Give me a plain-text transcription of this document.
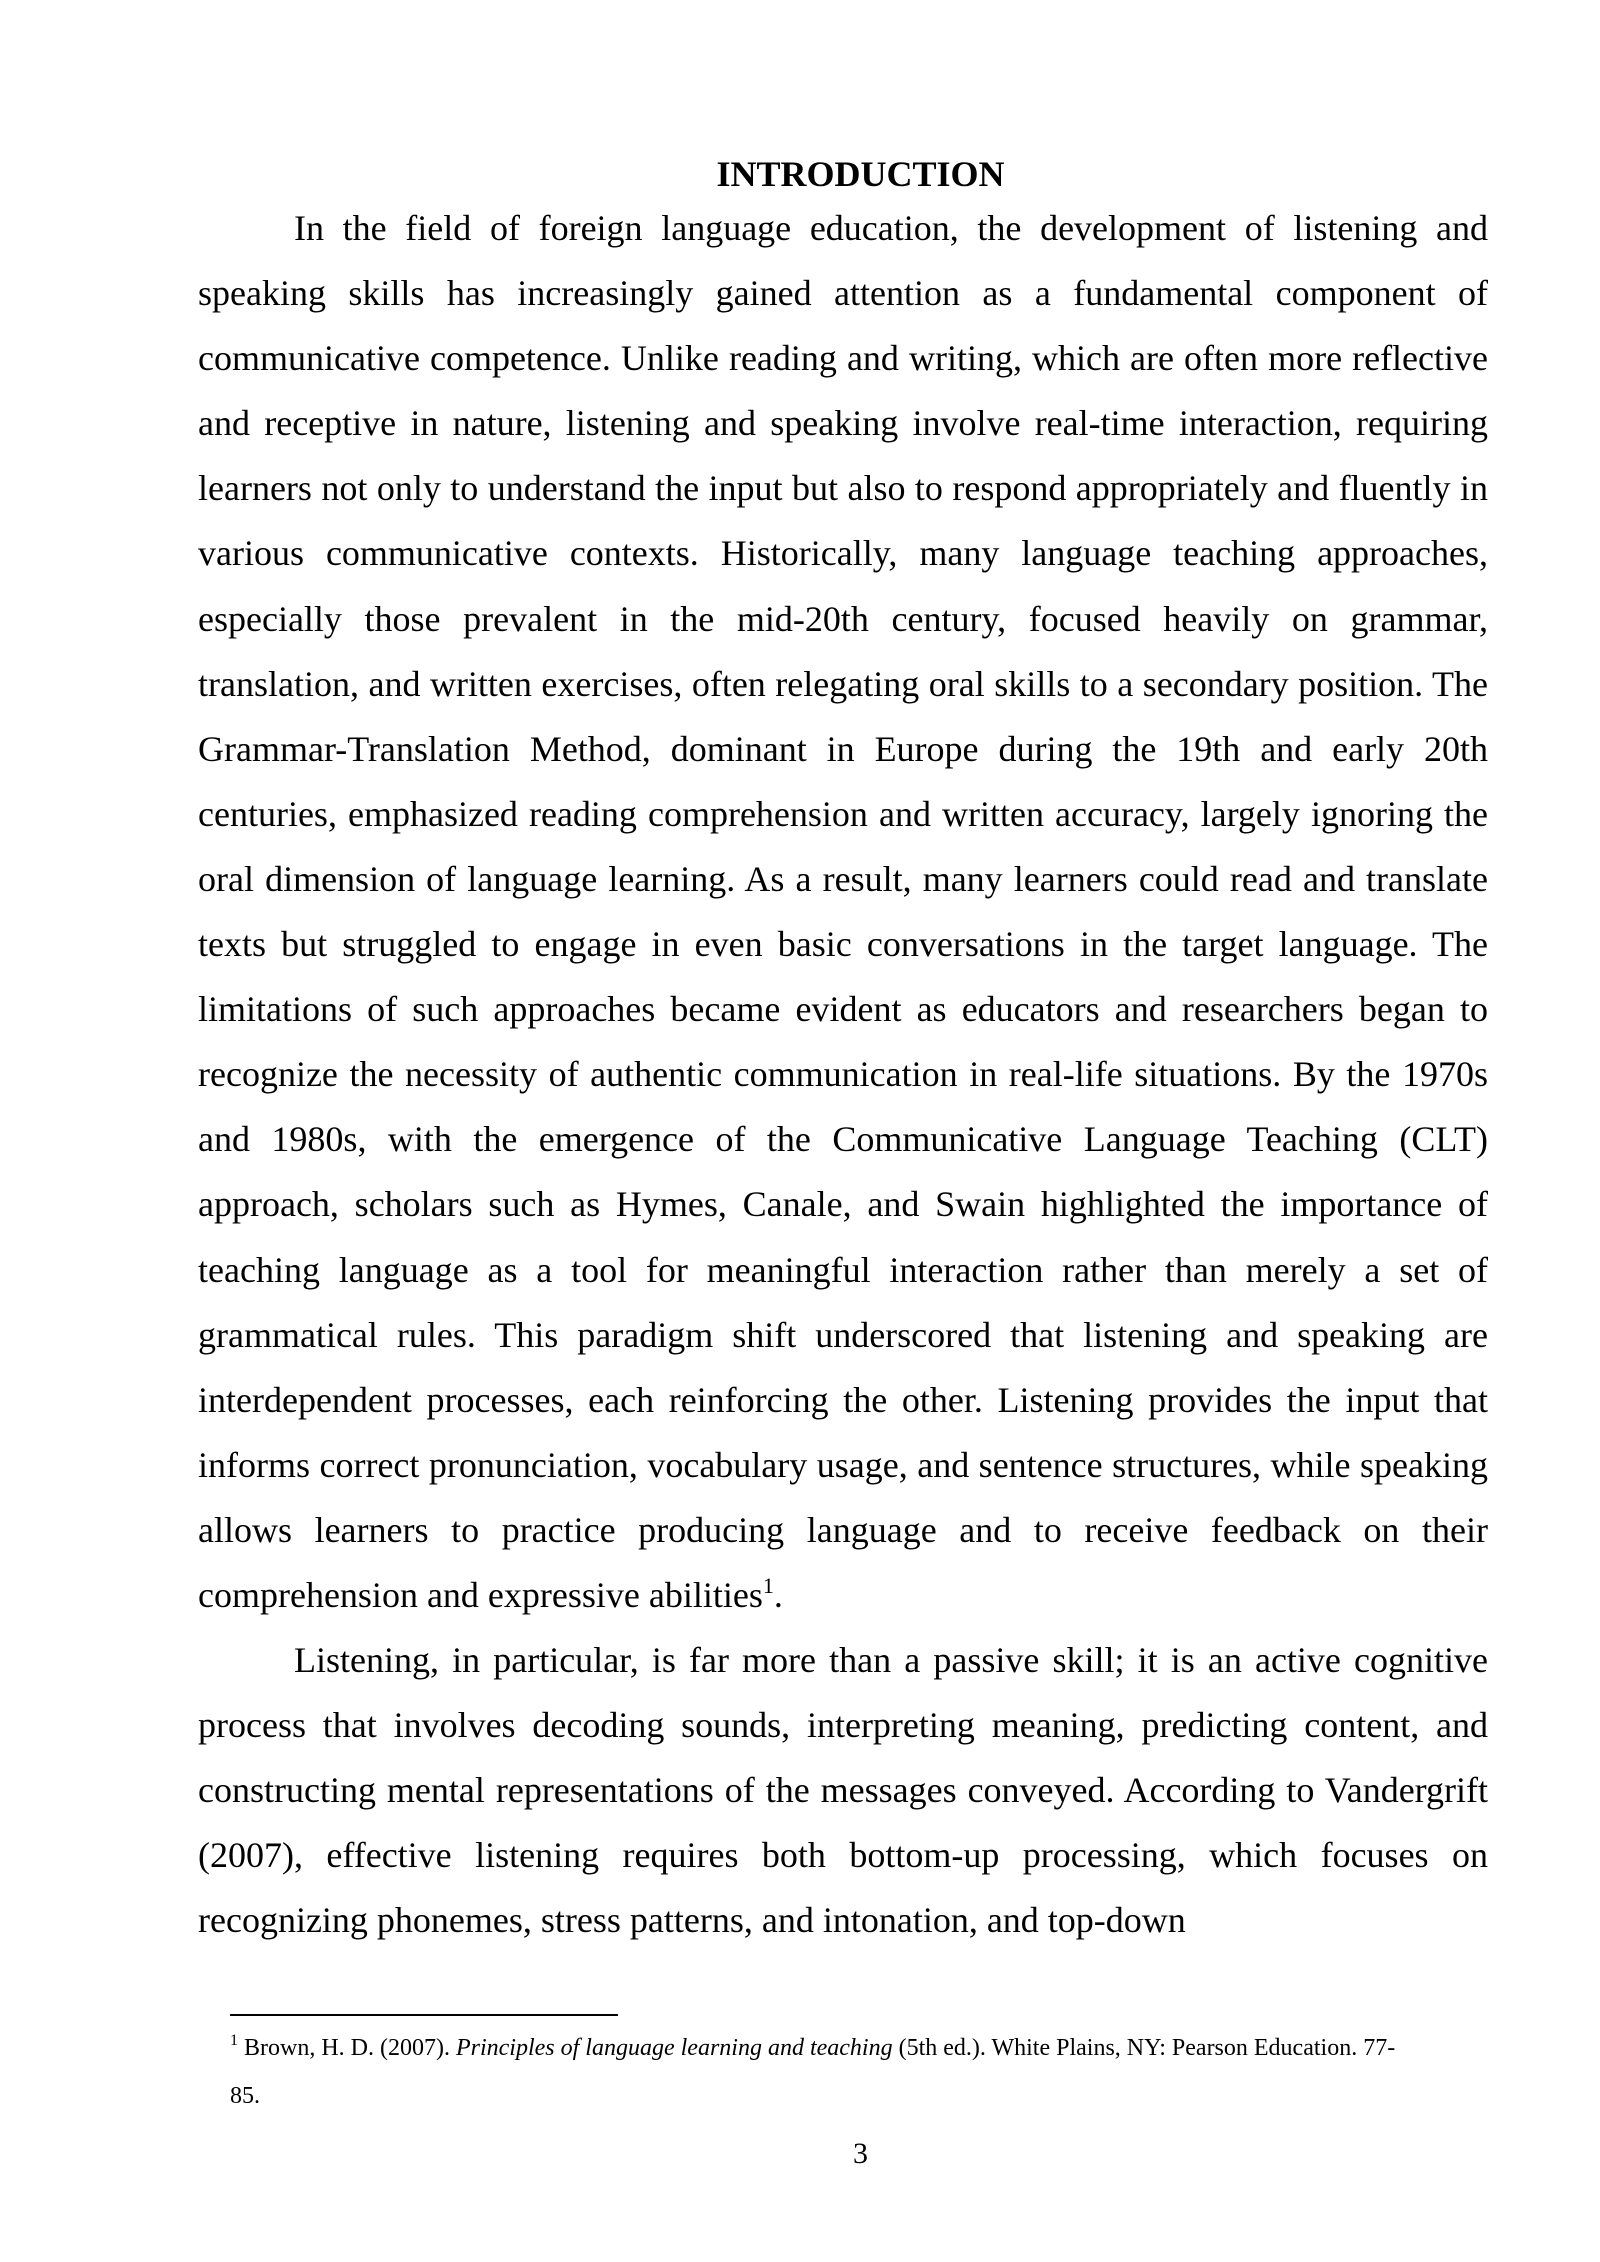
INTRODUCTION

In the field of foreign language education, the development of listening and speaking skills has increasingly gained attention as a fundamental component of communicative competence. Unlike reading and writing, which are often more reflective and receptive in nature, listening and speaking involve real-time interaction, requiring learners not only to understand the input but also to respond appropriately and fluently in various communicative contexts. Historically, many language teaching approaches, especially those prevalent in the mid-20th century, focused heavily on grammar, translation, and written exercises, often relegating oral skills to a secondary position. The Grammar-Translation Method, dominant in Europe during the 19th and early 20th centuries, emphasized reading comprehension and written accuracy, largely ignoring the oral dimension of language learning. As a result, many learners could read and translate texts but struggled to engage in even basic conversations in the target language. The limitations of such approaches became evident as educators and researchers began to recognize the necessity of authentic communication in real-life situations. By the 1970s and 1980s, with the emergence of the Communicative Language Teaching (CLT) approach, scholars such as Hymes, Canale, and Swain highlighted the importance of teaching language as a tool for meaningful interaction rather than merely a set of grammatical rules. This paradigm shift underscored that listening and speaking are interdependent processes, each reinforcing the other. Listening provides the input that informs correct pronunciation, vocabulary usage, and sentence structures, while speaking allows learners to practice producing language and to receive feedback on their comprehension and expressive abilities$^1$.

Listening, in particular, is far more than a passive skill; it is an active cognitive process that involves decoding sounds, interpreting meaning, predicting content, and constructing mental representations of the messages conveyed. According to Vandergrift (2007), effective listening requires both bottom-up processing, which focuses on recognizing phonemes, stress patterns, and intonation, and top-down

$^1$ Brown, H. D. (2007). Principles of language learning and teaching (5th ed.). White Plains, NY: Pearson Education. 77-85.

3
